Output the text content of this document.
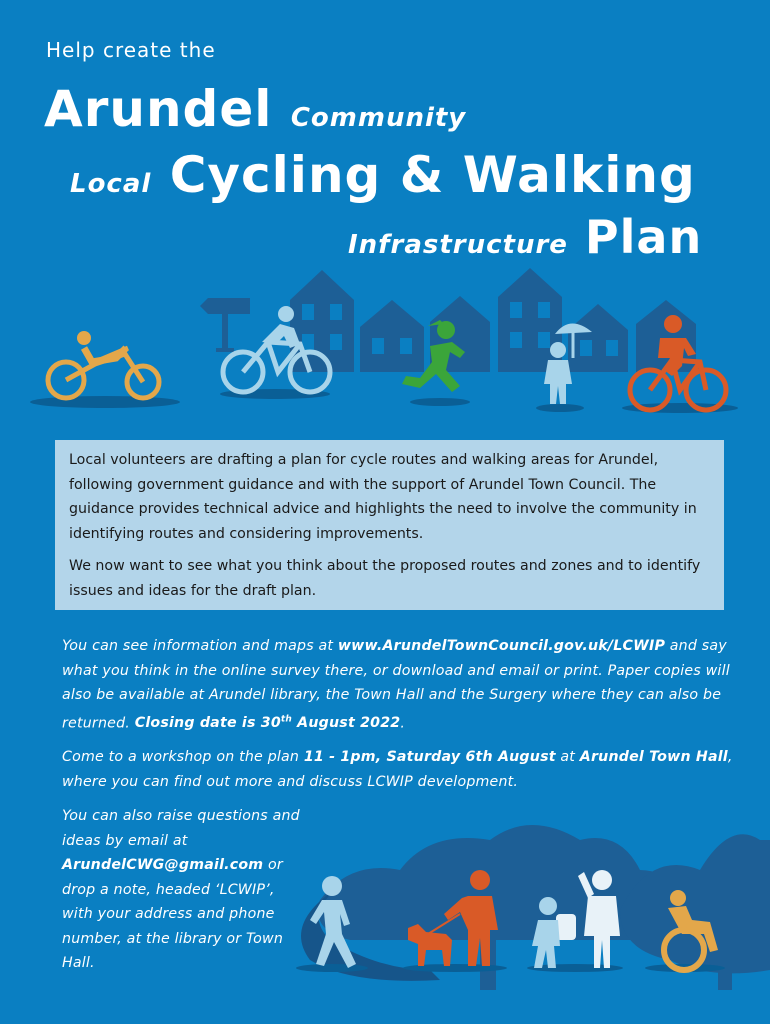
Help create the
Arundel Community
Local Cycling & Walking
Infrastructure Plan

Local volunteers are drafting a plan for cycle routes and walking areas for Arundel, following government guidance and with the support of Arundel Town Council. The guidance provides technical advice and highlights the need to involve the community in identifying routes and considering improvements.

We now want to see what you think about the proposed routes and zones and to identify issues and ideas for the draft plan.

You can see information and maps at www.ArundelTownCouncil.gov.uk/LCWIP and say what you think in the online survey there, or download and email or print. Paper copies will also be available at Arundel library, the Town Hall and the Surgery where they can also be returned. Closing date is 30th August 2022.
Come to a workshop on the plan 11 - 1pm, Saturday 6th August at Arundel Town Hall, where you can find out more and discuss LCWIP development.
You can also raise questions and ideas by email at ArundelCWG@gmail.com or drop a note, headed ‘LCWIP’, with your address and phone number, at the library or Town Hall.
